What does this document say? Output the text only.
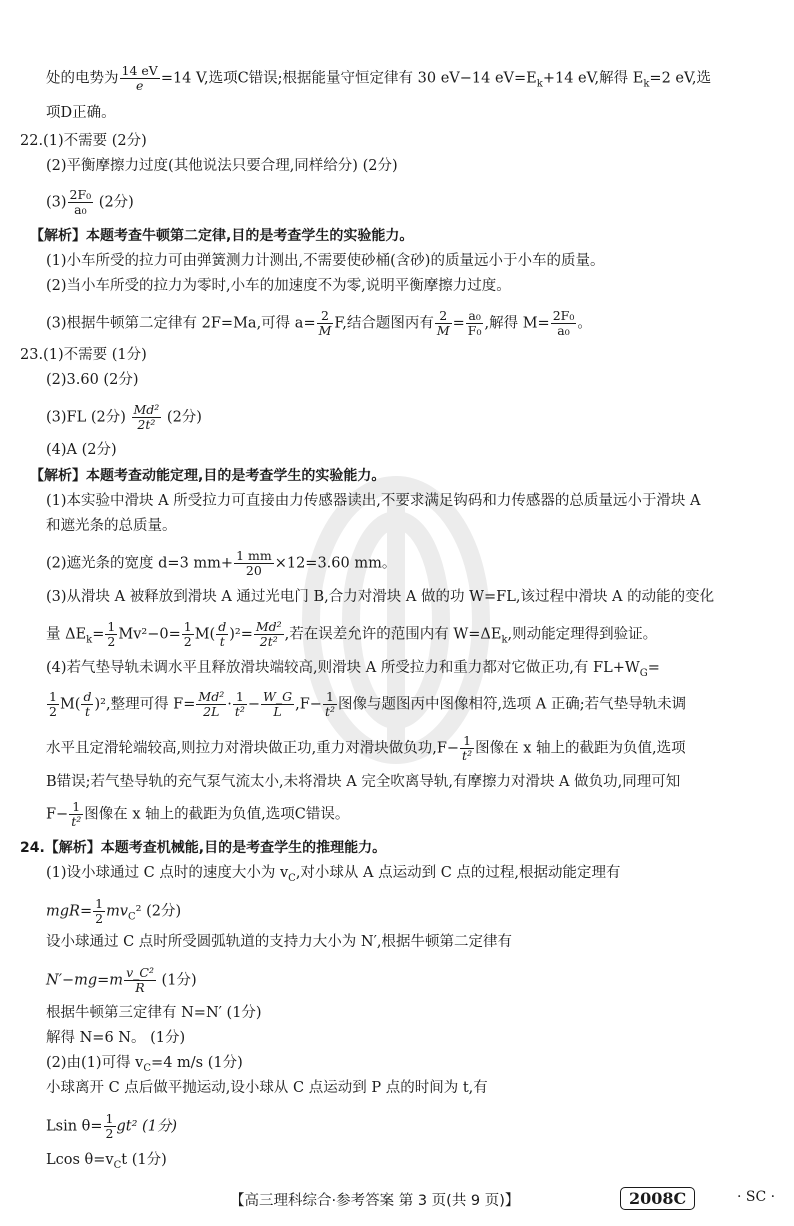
处的电势为 $\frac{14 eV}{e} =14$ V,选项C错误;根据能量守恒定律有 30 eV−14 $eV=E_k+14$ eV,解得 $E_k=2$ eV,选
项D正确。
22.(1)不需要 (2分)
(2)平衡摩擦力过度(其他说法只要合理,同样给分) (2分)
$(3) \frac{\text{2F₀}}{\text{a₀}} (2$分)
【解析】本题考查牛顿第二定律,目的是考查学生的实验能力。
(1)小车所受的拉力可由弹簧测力计测出,不需要使砂桶(含砂)的质量远小于小车的质量。
(2)当小车所受的拉力为零时,小车的加速度不为零,说明平衡摩擦力过度。
(3)根据牛顿第二定律有 2F=Ma,可得 $a= \frac{2}{M} F$,结合题图丙有 $\frac{2}{M} = \frac{\text{a₀}}{\text{F₀}}$ ,解得 $M= \frac{\text{2F₀}}{\text{a₀}}$ 。
23.(1)不需要 (1分)
(2)3.60 (2分)
(3)FL (2分) $\frac{\text{Md²}}{\text{2t²}} (2$分)
(4)A (2分)
【解析】本题考查动能定理,目的是考查学生的实验能力。
(1)本实验中滑块 A 所受拉力可直接由力传感器读出,不要求满足钩码和力传感器的总质量远小于滑块 A
和遮光条的总质量。
(2)遮光条的宽度 d=3 $mm+ \frac{1 mm}{20} \times 12=3.60$ mm。
(3)从滑块 A 被释放到滑块 A 通过光电门 B,合力对滑块 A 做的功 W=FL,该过程中滑块 A 的动能的变化
量 $\Delta E_k= \frac{1}{2} Mv^2-0= \frac{1}{2} M( \frac{d}{t} )^2= \frac{\text{Md²}}{\text{2t²}}$ ,若在误差允许的范围内有 $W=\Delta E_k$,则动能定理得到验证。
(4)若气垫导轨未调水平且释放滑块端较高,则滑块 A 所受拉力和重力都对它做正功,有 $FL+W_G=$
$\frac{1}{2} M( \frac{d}{t} )^2$,整理可得 $F= \frac{\text{Md²}}{2L} \cdot \frac{1}{\text{t²}} - \frac{W\_G}{L} ,F- \frac{1}{\text{t²}}$ 图像与题图丙中图像相符,选项 A 正确;若气垫导轨未调
水平且定滑轮端较高,则拉力对滑块做正功,重力对滑块做负功$,F- \frac{1}{\text{t²}}$ 图像在 x 轴上的截距为负值,选项
B错误;若气垫导轨的充气泵气流太小,未将滑块 A 完全吹离导轨,有摩擦力对滑块 A 做负功,同理可知
$F- \frac{1}{\text{t²}}$ 图像在 x 轴上的截距为负值,选项C错误。
24.【解析】本题考查机械能,目的是考查学生的推理能力。
(1)设小球通过 C 点时的速度大小为 $v_C$,对小球从 A 点运动到 C 点的过程,根据动能定理有
$mgR= \frac{1}{2} mv_C^2$ (2分)
设小球通过 C 点时所受圆弧轨道的支持力大小为 N′,根据牛顿第二定律有
$N'-mg=m \frac{\text{v\_C²}}{R} (1$分)
根据牛顿第三定律有 N=N′ (1分)
解得 N=6 N。 (1分)
(2)由(1)可得 $v_C=4$ m/s (1分)
小球离开 C 点后做平抛运动,设小球从 C 点运动到 P 点的时间为 t,有
Lsin $\theta= \frac{1}{2} gt^2$ (1分)
Lcos $\theta=v_Ct$ (1分)
【高三理科综合·参考答案 第 3 页(共 9 页)】	2008C	· SC ·
